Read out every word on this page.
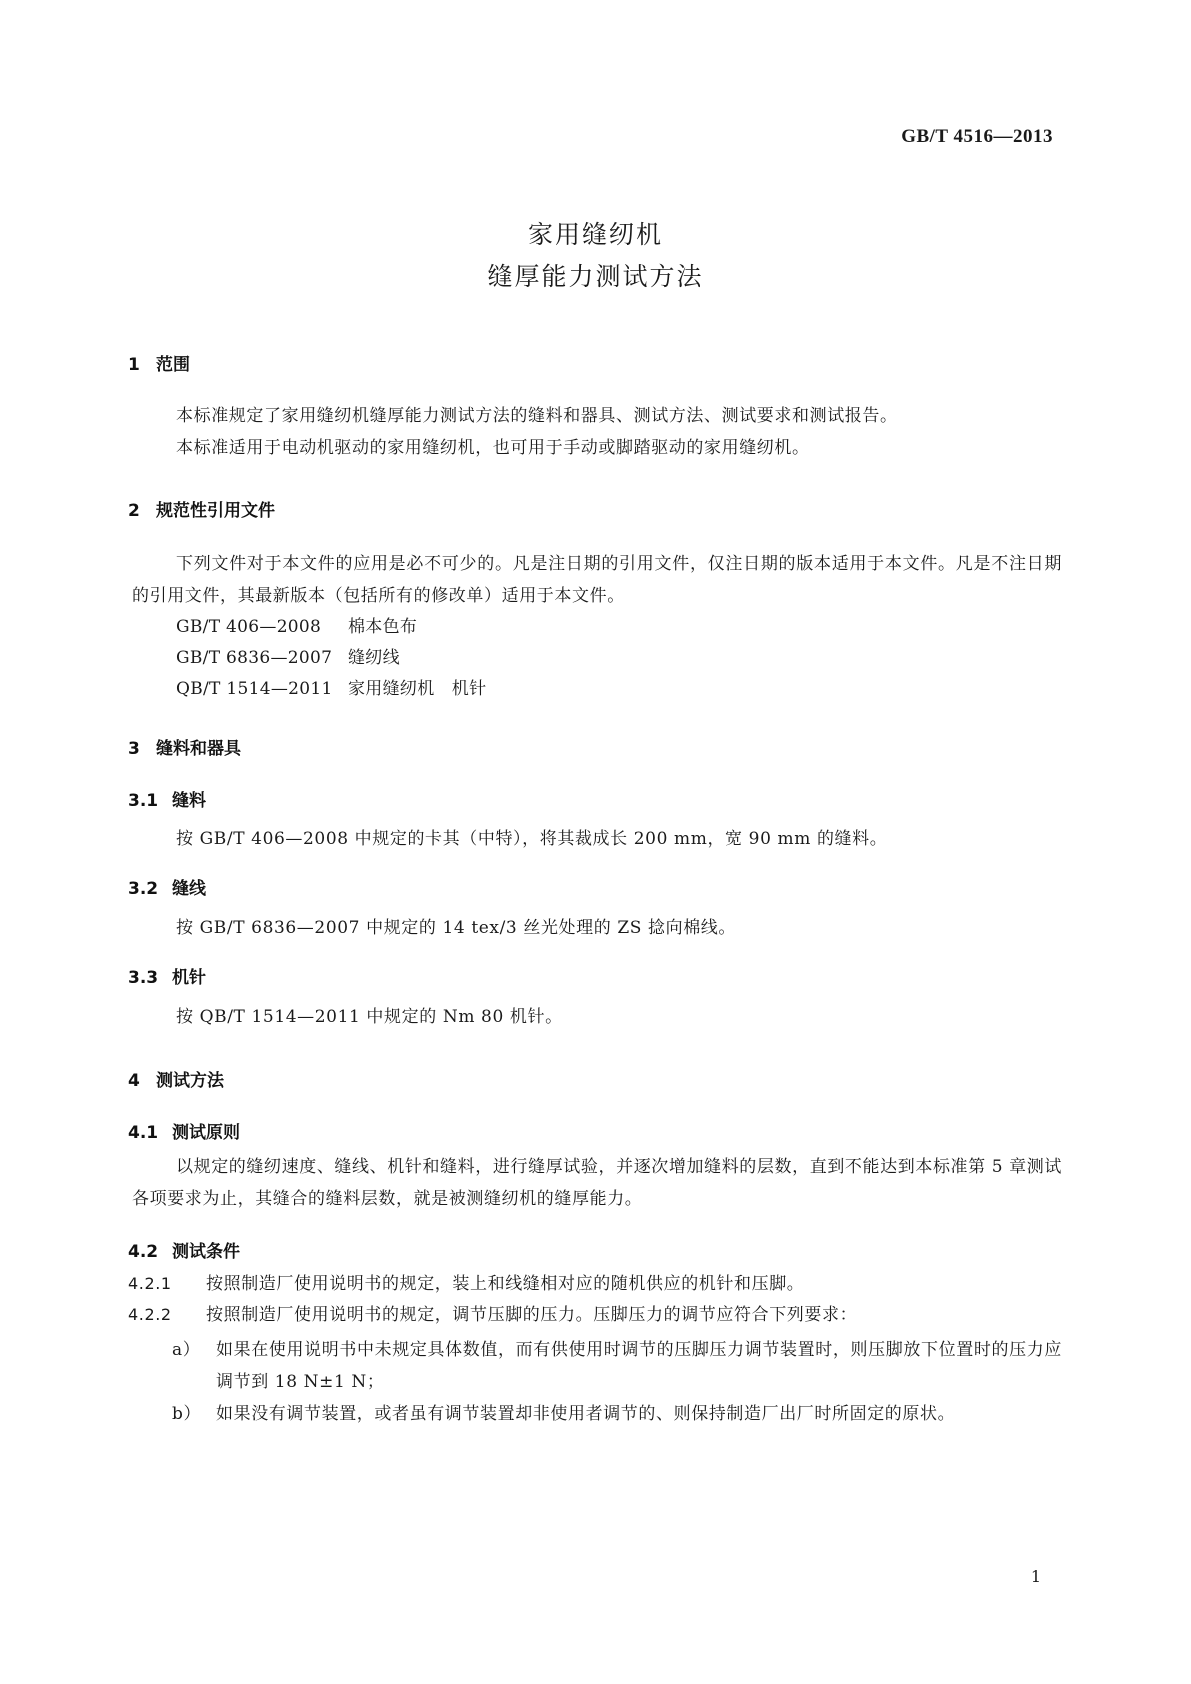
GB/T 4516—2013
家用缝纫机
缝厚能力测试方法
1 范围

本标准规定了家用缝纫机缝厚能力测试方法的缝料和器具、测试方法、测试要求和测试报告。

本标准适用于电动机驱动的家用缝纫机，也可用于手动或脚踏驱动的家用缝纫机。

2 规范性引用文件

下列文件对于本文件的应用是必不可少的。凡是注日期的引用文件，仅注日期的版本适用于本文件。凡是不注日期的引用文件，其最新版本（包括所有的修改单）适用于本文件。

GB/T 406—2008 棉本色布
GB/T 6836—2007 缝纫线
QB/T 1514—2011 家用缝纫机　机针
3 缝料和器具
3.1 缝料
按 GB/T 406—2008 中规定的卡其（中特），将其裁成长 200 mm，宽 90 mm 的缝料。
3.2 缝线
按 GB/T 6836—2007 中规定的 14 tex/3 丝光处理的 ZS 捻向棉线。
3.3 机针
按 QB/T 1514—2011 中规定的 Nm 80 机针。
4 测试方法
4.1 测试原则

以规定的缝纫速度、缝线、机针和缝料，进行缝厚试验，并逐次增加缝料的层数，直到不能达到本标准第 5 章测试各项要求为止，其缝合的缝料层数，就是被测缝纫机的缝厚能力。

4.2 测试条件
4.2.1 按照制造厂使用说明书的规定，装上和线缝相对应的随机供应的机针和压脚。
4.2.2 按照制造厂使用说明书的规定，调节压脚的压力。压脚压力的调节应符合下列要求：
a） 如果在使用说明书中未规定具体数值，而有供使用时调节的压脚压力调节装置时，则压脚放下位置时的压力应调节到 18 N±1 N；
b） 如果没有调节装置，或者虽有调节装置却非使用者调节的、则保持制造厂出厂时所固定的原状。
1
